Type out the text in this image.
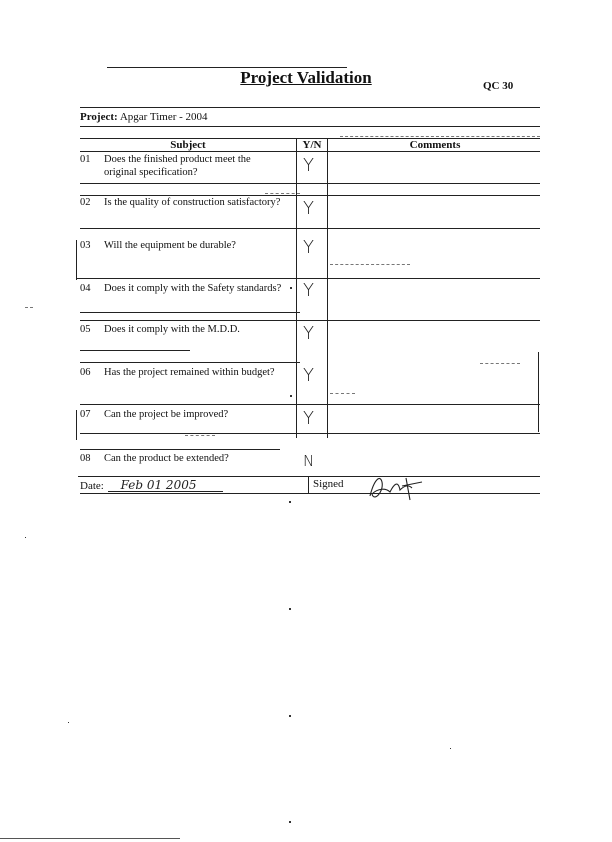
Project Validation	QC 30
Project: Apgar Timer - 2004
Subject	Y/N	Comments
01	Does the finished product meet the original specification?	Y
02	Is the quality of construction satisfactory? Y
03	Will the equipment be durable?	Y
04	Does it comply with the Safety standards? Y
05	Does it comply with the M.D.D.	Y
06	Has the project remained within budget?	Y
07	Can the project be improved?	Y
08	Can the product be extended?	N
Date: Feb 01 2005	Signed
